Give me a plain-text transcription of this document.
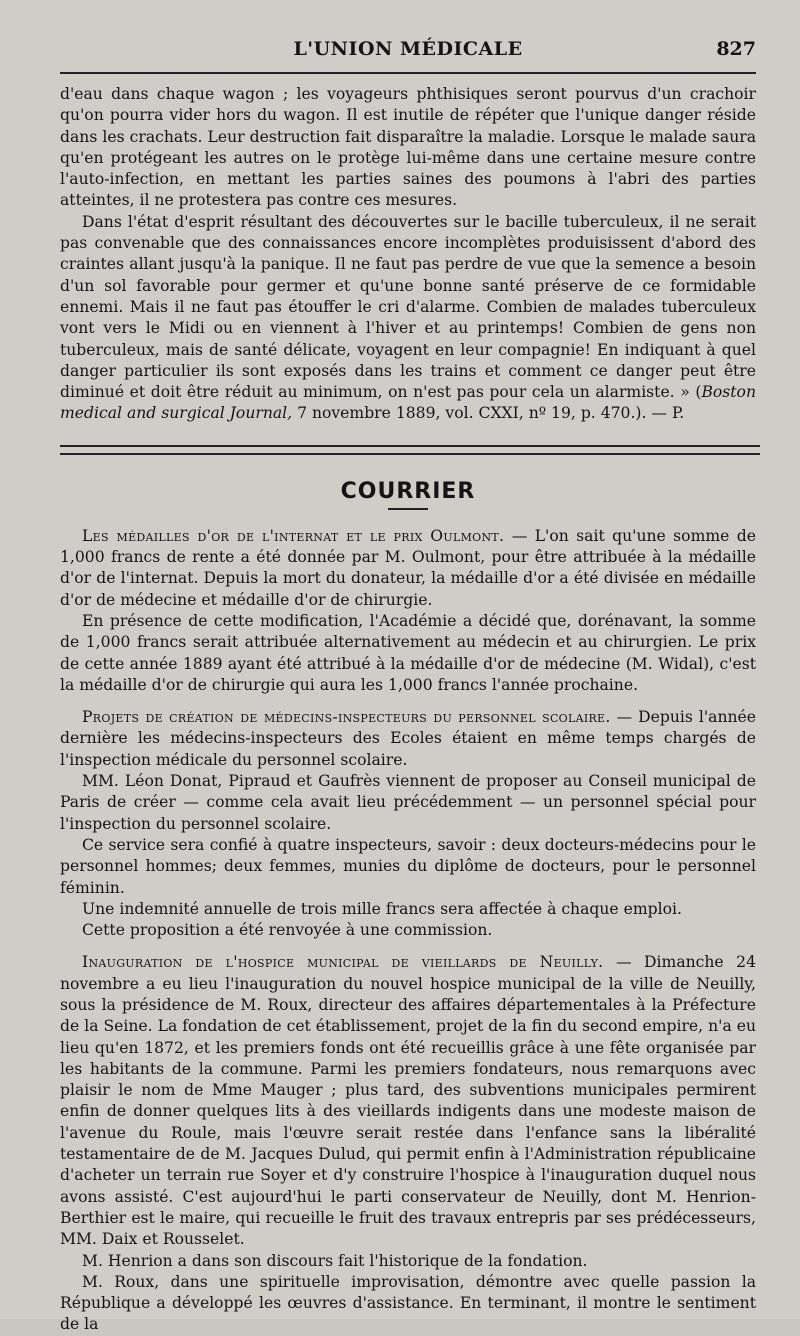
L'UNION MÉDICALE	827

d'eau dans chaque wagon ; les voyageurs phthisiques seront pourvus d'un crachoir qu'on pourra vider hors du wagon. Il est inutile de répéter que l'unique danger réside dans les crachats. Leur destruction fait disparaître la maladie. Lorsque le malade saura qu'en protégeant les autres on le protège lui-même dans une certaine mesure contre l'auto-infection, en mettant les parties saines des poumons à l'abri des parties atteintes, il ne protestera pas contre ces mesures.

Dans l'état d'esprit résultant des découvertes sur le bacille tuberculeux, il ne serait pas convenable que des connaissances encore incomplètes produisissent d'abord des craintes allant jusqu'à la panique. Il ne faut pas perdre de vue que la semence a besoin d'un sol favorable pour germer et qu'une bonne santé préserve de ce formidable ennemi. Mais il ne faut pas étouffer le cri d'alarme. Combien de malades tuberculeux vont vers le Midi ou en viennent à l'hiver et au printemps! Combien de gens non tuberculeux, mais de santé délicate, voyagent en leur compagnie! En indiquant à quel danger particulier ils sont exposés dans les trains et comment ce danger peut être diminué et doit être réduit au minimum, on n'est pas pour cela un alarmiste. » (Boston medical and surgical Journal, 7 novembre 1889, vol. CXXI, nº 19, p. 470.). — P.

COURRIER

Les médailles d'or de l'internat et le prix Oulmont. — L'on sait qu'une somme de 1,000 francs de rente a été donnée par M. Oulmont, pour être attribuée à la médaille d'or de l'internat. Depuis la mort du donateur, la médaille d'or a été divisée en médaille d'or de médecine et médaille d'or de chirurgie.

En présence de cette modification, l'Académie a décidé que, dorénavant, la somme de 1,000 francs serait attribuée alternativement au médecin et au chirurgien. Le prix de cette année 1889 ayant été attribué à la médaille d'or de médecine (M. Widal), c'est la médaille d'or de chirurgie qui aura les 1,000 francs l'année prochaine.

Projets de création de médecins-inspecteurs du personnel scolaire. — Depuis l'année dernière les médecins-inspecteurs des Ecoles étaient en même temps chargés de l'inspection médicale du personnel scolaire.

MM. Léon Donat, Pipraud et Gaufrès viennent de proposer au Conseil municipal de Paris de créer — comme cela avait lieu précédemment — un personnel spécial pour l'inspection du personnel scolaire.

Ce service sera confié à quatre inspecteurs, savoir : deux docteurs-médecins pour le personnel hommes; deux femmes, munies du diplôme de docteurs, pour le personnel féminin.

Une indemnité annuelle de trois mille francs sera affectée à chaque emploi.

Cette proposition a été renvoyée à une commission.

Inauguration de l'hospice municipal de vieillards de Neuilly. — Dimanche 24 novembre a eu lieu l'inauguration du nouvel hospice municipal de la ville de Neuilly, sous la présidence de M. Roux, directeur des affaires départementales à la Préfecture de la Seine. La fondation de cet établissement, projet de la fin du second empire, n'a eu lieu qu'en 1872, et les premiers fonds ont été recueillis grâce à une fête organisée par les habitants de la commune. Parmi les premiers fondateurs, nous remarquons avec plaisir le nom de Mme Mauger ; plus tard, des subventions municipales permirent enfin de donner quelques lits à des vieillards indigents dans une modeste maison de l'avenue du Roule, mais l'œuvre serait restée dans l'enfance sans la libéralité testamentaire de de M. Jacques Dulud, qui permit enfin à l'Administration républicaine d'acheter un terrain rue Soyer et d'y construire l'hospice à l'inauguration duquel nous avons assisté. C'est aujourd'hui le parti conservateur de Neuilly, dont M. Henrion-Berthier est le maire, qui recueille le fruit des travaux entrepris par ses prédécesseurs, MM. Daix et Rousselet.

M. Henrion a dans son discours fait l'historique de la fondation.

M. Roux, dans une spirituelle improvisation, démontre avec quelle passion la République a développé les œuvres d'assistance. En terminant, il montre le sentiment de la
